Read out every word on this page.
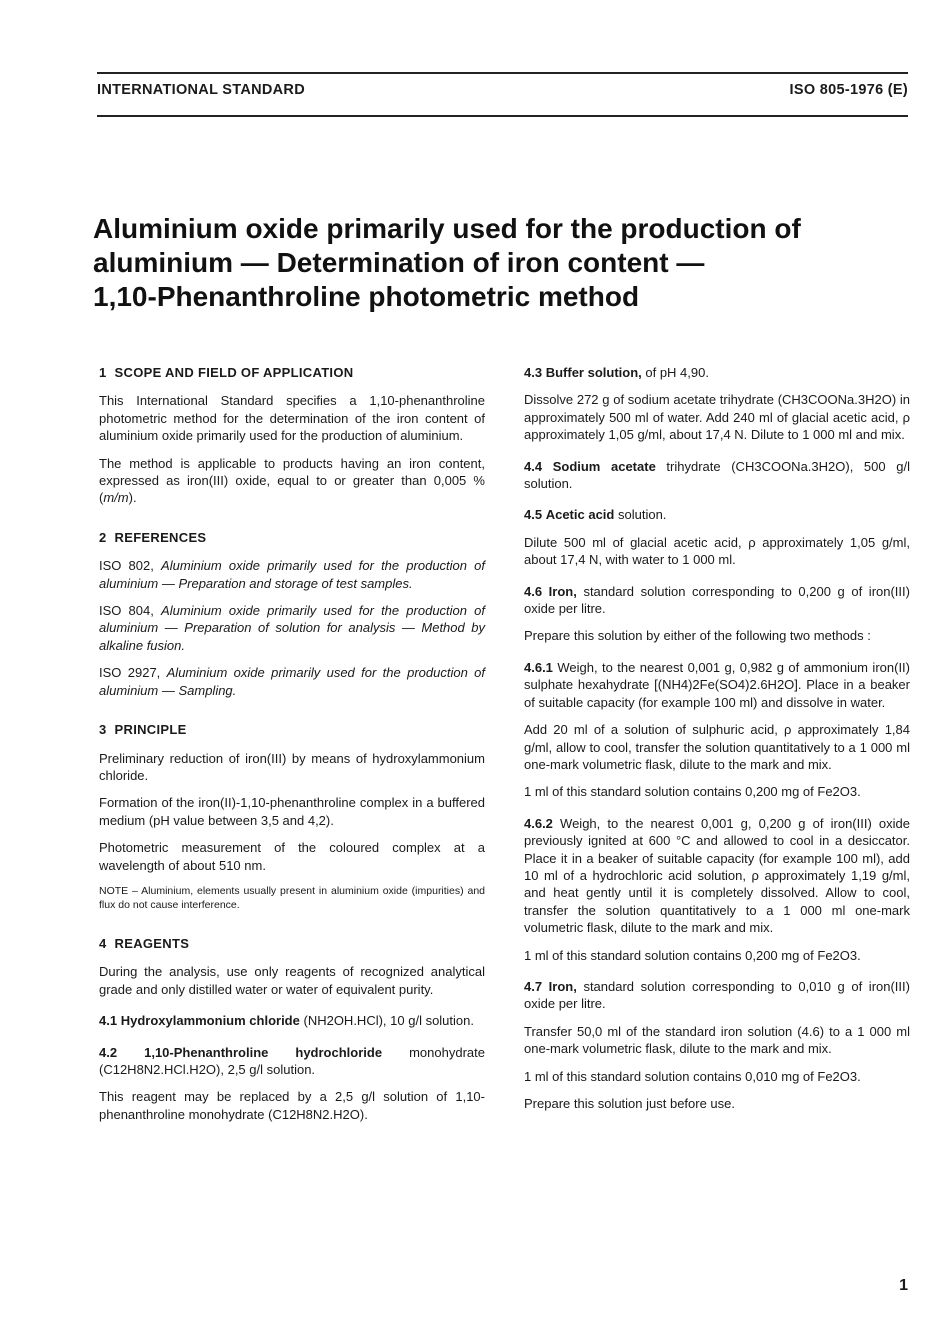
INTERNATIONAL STANDARD	ISO 805-1976 (E)
Aluminium oxide primarily used for the production of
aluminium — Determination of iron content —
1,10-Phenanthroline photometric method
1 SCOPE AND FIELD OF APPLICATION

This International Standard specifies a 1,10-phenanthroline photometric method for the determination of the iron content of aluminium oxide primarily used for the production of aluminium.

The method is applicable to products having an iron content, expressed as iron(III) oxide, equal to or greater than 0,005 % (m/m).

2 REFERENCES

ISO 802, Aluminium oxide primarily used for the production of aluminium — Preparation and storage of test samples.

ISO 804, Aluminium oxide primarily used for the production of aluminium — Preparation of solution for analysis — Method by alkaline fusion.

ISO 2927, Aluminium oxide primarily used for the production of aluminium — Sampling.

3 PRINCIPLE

Preliminary reduction of iron(III) by means of hydroxylammonium chloride.

Formation of the iron(II)-1,10-phenanthroline complex in a buffered medium (pH value between 3,5 and 4,2).

Photometric measurement of the coloured complex at a wavelength of about 510 nm.

NOTE – Aluminium, elements usually present in aluminium oxide (impurities) and flux do not cause interference.

4 REAGENTS

During the analysis, use only reagents of recognized analytical grade and only distilled water or water of equivalent purity.

4.1 Hydroxylammonium chloride (NH2OH.HCl), 10 g/l solution.

4.2 1,10-Phenanthroline hydrochloride monohydrate (C12H8N2.HCl.H2O), 2,5 g/l solution.

This reagent may be replaced by a 2,5 g/l solution of 1,10-phenanthroline monohydrate (C12H8N2.H2O).

4.3 Buffer solution, of pH 4,90.

Dissolve 272 g of sodium acetate trihydrate (CH3COONa.3H2O) in approximately 500 ml of water. Add 240 ml of glacial acetic acid, ρ approximately 1,05 g/ml, about 17,4 N. Dilute to 1 000 ml and mix.

4.4 Sodium acetate trihydrate (CH3COONa.3H2O), 500 g/l solution.

4.5 Acetic acid solution.

Dilute 500 ml of glacial acetic acid, ρ approximately 1,05 g/ml, about 17,4 N, with water to 1 000 ml.

4.6 Iron, standard solution corresponding to 0,200 g of iron(III) oxide per litre.

Prepare this solution by either of the following two methods :

4.6.1 Weigh, to the nearest 0,001 g, 0,982 g of ammonium iron(II) sulphate hexahydrate [(NH4)2Fe(SO4)2.6H2O]. Place in a beaker of suitable capacity (for example 100 ml) and dissolve in water.

Add 20 ml of a solution of sulphuric acid, ρ approximately 1,84 g/ml, allow to cool, transfer the solution quantitatively to a 1 000 ml one-mark volumetric flask, dilute to the mark and mix.

1 ml of this standard solution contains 0,200 mg of Fe2O3.

4.6.2 Weigh, to the nearest 0,001 g, 0,200 g of iron(III) oxide previously ignited at 600 °C and allowed to cool in a desiccator. Place it in a beaker of suitable capacity (for example 100 ml), add 10 ml of a hydrochloric acid solution, ρ approximately 1,19 g/ml, and heat gently until it is completely dissolved. Allow to cool, transfer the solution quantitatively to a 1 000 ml one-mark volumetric flask, dilute to the mark and mix.

1 ml of this standard solution contains 0,200 mg of Fe2O3.

4.7 Iron, standard solution corresponding to 0,010 g of iron(III) oxide per litre.

Transfer 50,0 ml of the standard iron solution (4.6) to a 1 000 ml one-mark volumetric flask, dilute to the mark and mix.

1 ml of this standard solution contains 0,010 mg of Fe2O3.

Prepare this solution just before use.

1
